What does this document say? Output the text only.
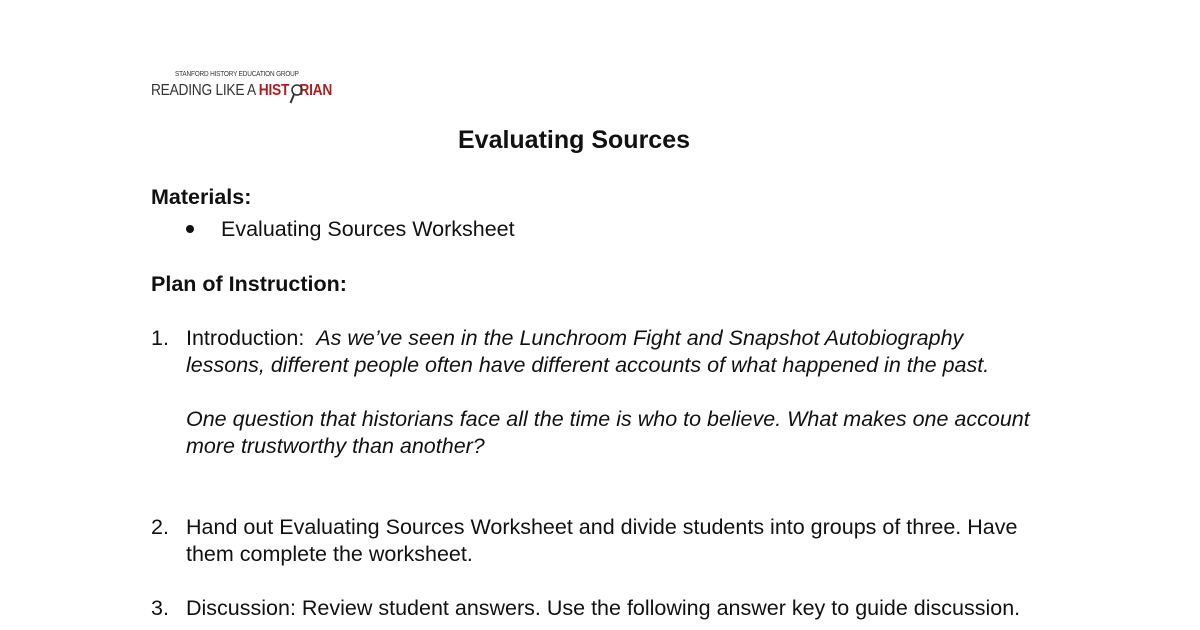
STANFORD HISTORY EDUCATION GROUP
READING LIKE A HIST RIAN
Evaluating Sources
Materials:
Evaluating Sources Worksheet
Plan of Instruction:
1. Introduction:  As we’ve seen in the Lunchroom Fight and Snapshot Autobiography lessons, different people often have different accounts of what happened in the past.
One question that historians face all the time is who to believe. What makes one account more trustworthy than another?
2. Hand out Evaluating Sources Worksheet and divide students into groups of three. Have them complete the worksheet.
3. Discussion: Review student answers. Use the following answer key to guide discussion.
